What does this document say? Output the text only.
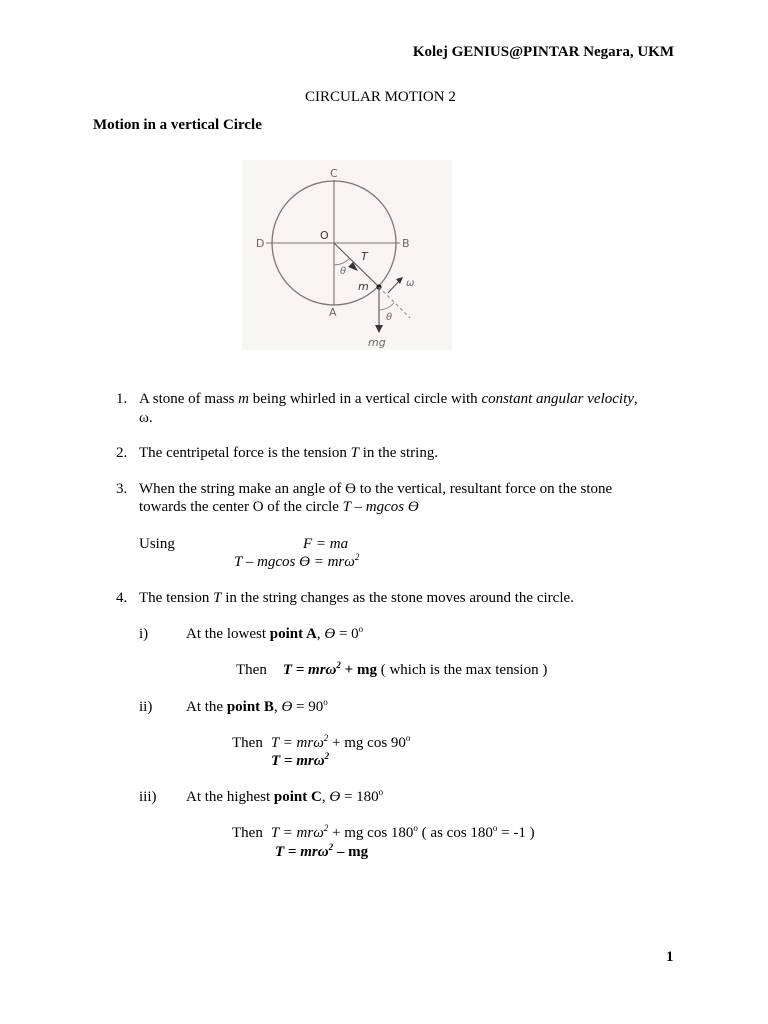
Kolej GENIUS@PINTAR Negara, UKM
CIRCULAR MOTION 2
Motion in a vertical Circle
C
D
O
B
T
θ
m	ω
A	θ
mg
1. A stone of mass m being whirled in a vertical circle with constant angular velocity,
ω.
2. The centripetal force is the tension T in the string.
3. When the string make an angle of ϴ to the vertical, resultant force on the stone
towards the center O of the circle T – mgcos ϴ
Using	F = ma
T – mgcos ϴ = mrω$^2$
4. The tension T in the string changes as the stone moves around the circle.
i)	At the lowest point A, $ϴ = 0^o$
Then T = mrω$^2$ + mg ( which is the max tension )
ii) At the point B, $ϴ = 90^o$
Then T = mrω$^2$ + mg cos 90$^o$
T = mrω$^2$
iii) At the highest point C, $ϴ = 180^o$
Then T = mrω$^2$ + mg cos 180$^o$ ( as $\cos 180^o = -1$ )
T = mrω$^2$ – mg
1
